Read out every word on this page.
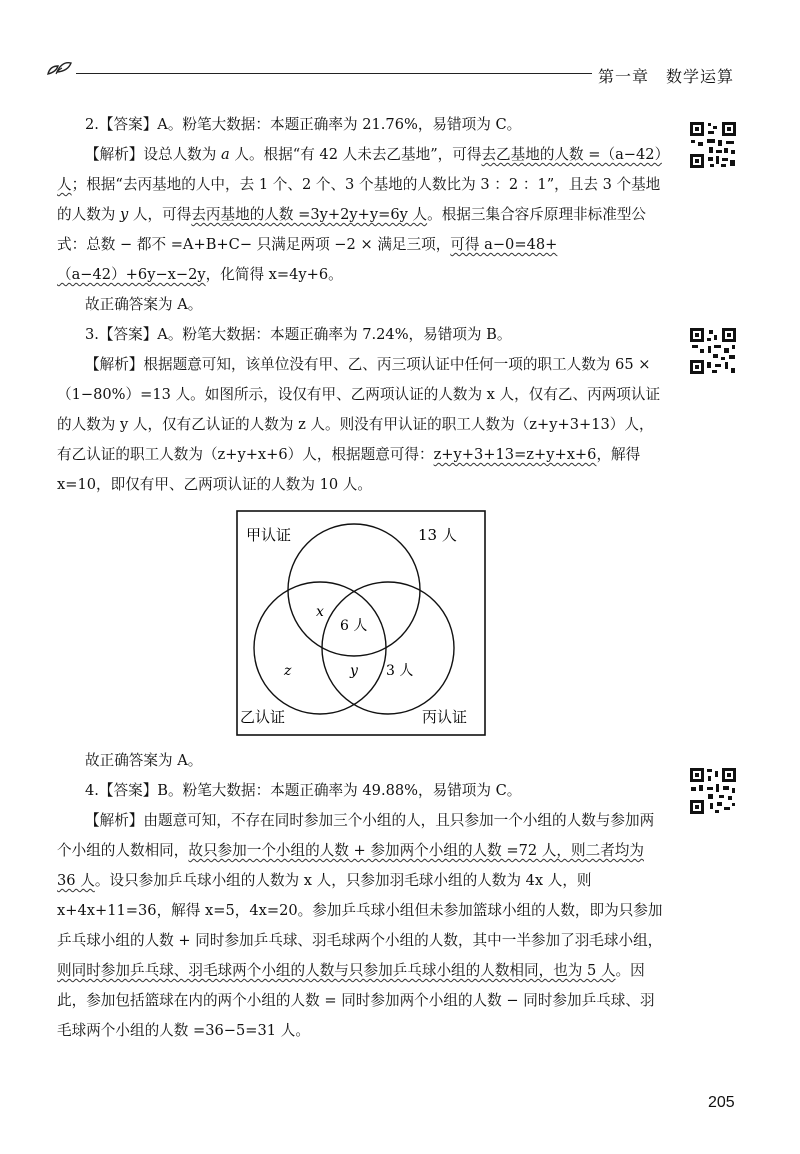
第一章　数学运算

2.【答案】A。粉笔大数据：本题正确率为 21.76%，易错项为 C。

【解析】设总人数为 a 人。根据“有 42 人未去乙基地”，可得去乙基地的人数 =（a−42）人；根据“去丙基地的人中，去 1 个、2 个、3 个基地的人数比为 3 ：2 ：1”，且去 3 个基地的人数为 y 人，可得去丙基地的人数 =3y+2y+y=6y 人。根据三集合容斥原理非标准型公式：总数 − 都不 =A+B+C− 只满足两项 −2 × 满足三项，可得 a−0=48+（a−42）+6y−x−2y，化简得 x=4y+6。

故正确答案为 A。

3.【答案】A。粉笔大数据：本题正确率为 7.24%，易错项为 B。

【解析】根据题意可知，该单位没有甲、乙、丙三项认证中任何一项的职工人数为 65 ×（1−80%）=13 人。如图所示，设仅有甲、乙两项认证的人数为 x 人，仅有乙、丙两项认证的人数为 y 人，仅有乙认证的人数为 z 人。则没有甲认证的职工人数为（z+y+3+13）人，有乙认证的职工人数为（z+y+x+6）人，根据题意可得：z+y+3+13=z+y+x+6，解得 x=10，即仅有甲、乙两项认证的人数为 10 人。

甲认证	13 人
x
6 人
z	y 3 人
乙认证	丙认证

故正确答案为 A。

4.【答案】B。粉笔大数据：本题正确率为 49.88%，易错项为 C。

【解析】由题意可知，不存在同时参加三个小组的人，且只参加一个小组的人数与参加两个小组的人数相同，故只参加一个小组的人数 + 参加两个小组的人数 =72 人，则二者均为 36 人。设只参加乒乓球小组的人数为 x 人，只参加羽毛球小组的人数为 4x 人，则 x+4x+11=36，解得 x=5，4x=20。参加乒乓球小组但未参加篮球小组的人数，即为只参加乒乓球小组的人数 + 同时参加乒乓球、羽毛球两个小组的人数，其中一半参加了羽毛球小组，则同时参加乒乓球、羽毛球两个小组的人数与只参加乒乓球小组的人数相同，也为 5 人。因此，参加包括篮球在内的两个小组的人数 = 同时参加两个小组的人数 − 同时参加乒乓球、羽毛球两个小组的人数 =36−5=31 人。

205
